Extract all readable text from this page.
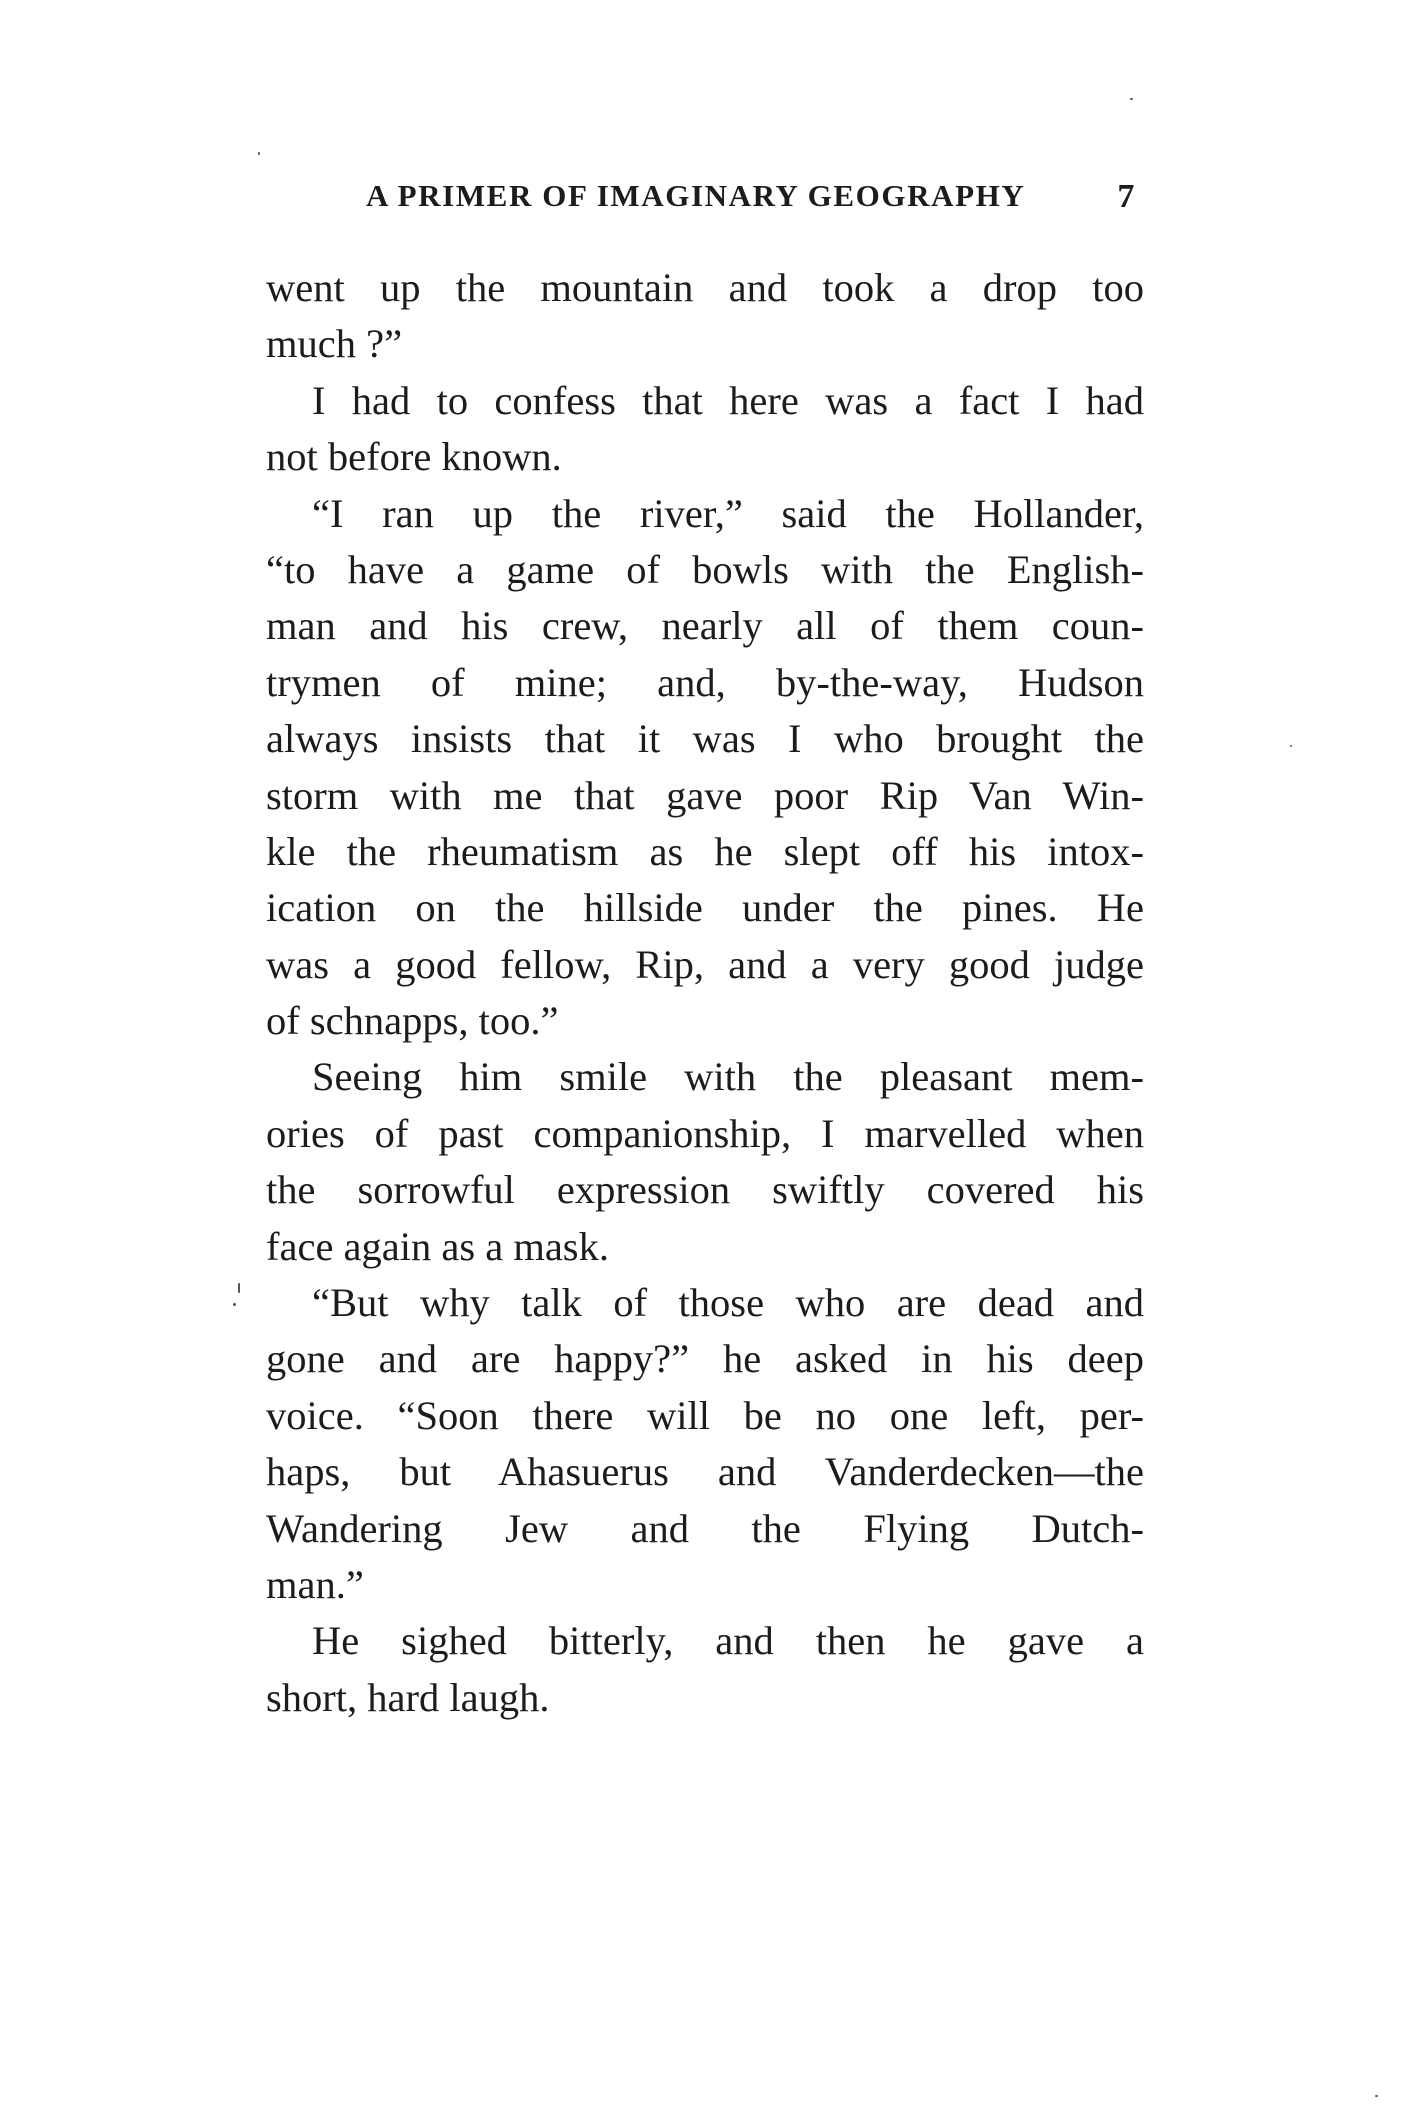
A PRIMER OF IMAGINARY GEOGRAPHY	7
went up the mountain and took a drop too
much ?”
I had to confess that here was a fact I had
not before known.
“I ran up the river,” said the Hollander,
“to have a game of bowls with the English-
man and his crew, nearly all of them coun-
trymen of mine; and, by-the-way, Hudson
always insists that it was I who brought the
storm with me that gave poor Rip Van Win-
kle the rheumatism as he slept off his intox-
ication on the hillside under the pines. He
was a good fellow, Rip, and a very good judge
of schnapps, too.”
Seeing him smile with the pleasant mem-
ories of past companionship, I marvelled when
the sorrowful expression swiftly covered his
face again as a mask.
“But why talk of those who are dead and
gone and are happy?” he asked in his deep
voice. “Soon there will be no one left, per-
haps, but Ahasuerus and Vanderdecken—the
Wandering Jew and the Flying Dutch-
man.”
He sighed bitterly, and then he gave a
short, hard laugh.
